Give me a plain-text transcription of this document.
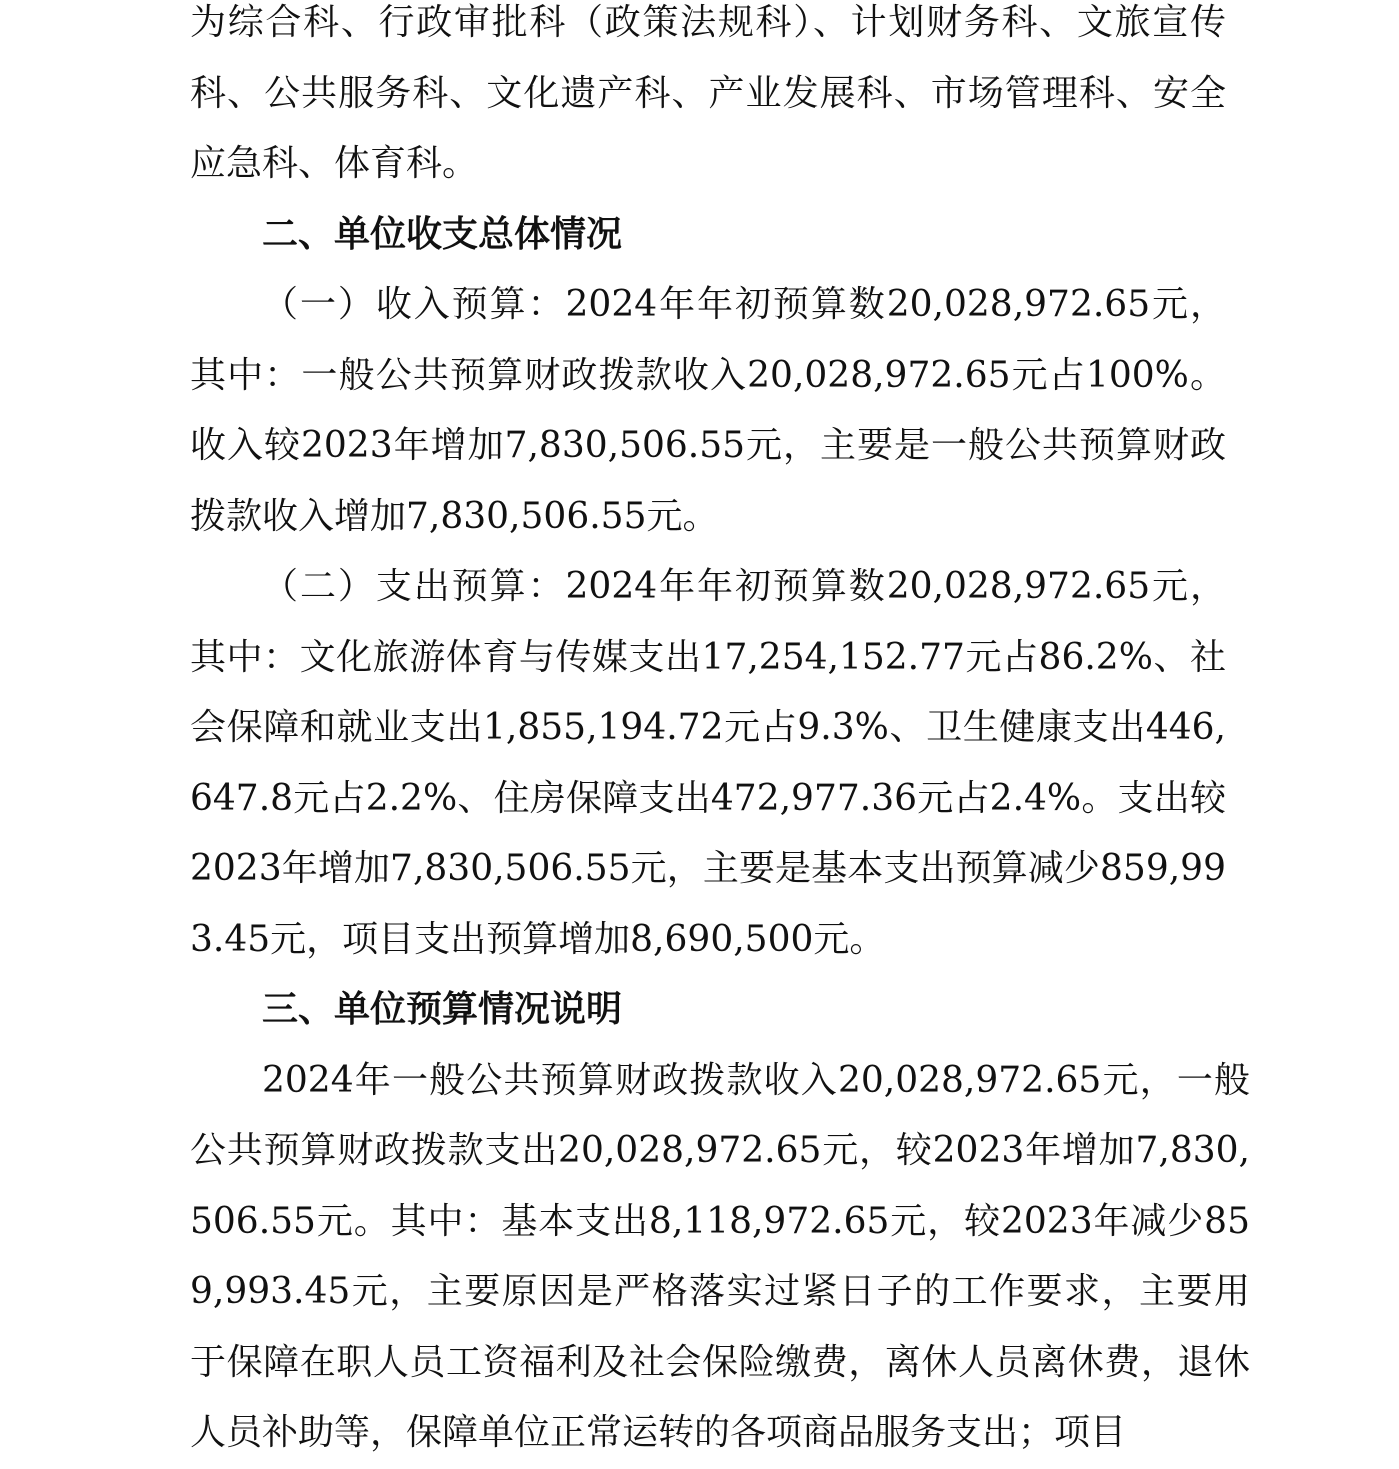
为综合科、行政审批科（政策法规科）、计划财务科、文旅宣传科、公共服务科、文化遗产科、产业发展科、市场管理科、安全应急科、体育科。

二、单位收支总体情况

（一）收入预算：2024年年初预算数20,028,972.65元，其中：一般公共预算财政拨款收入20,028,972.65元占100%。收入较2023年增加7,830,506.55元，主要是一般公共预算财政拨款收入增加7,830,506.55元。

（二）支出预算：2024年年初预算数20,028,972.65元，其中：文化旅游体育与传媒支出17,254,152.77元占86.2%、社会保障和就业支出1,855,194.72元占9.3%、卫生健康支出446,647.8元占2.2%、住房保障支出472,977.36元占2.4%。支出较2023年增加7,830,506.55元，主要是基本支出预算减少859,993.45元，项目支出预算增加8,690,500元。

三、单位预算情况说明

2024年一般公共预算财政拨款收入20,028,972.65元，一般公共预算财政拨款支出20,028,972.65元，较2023年增加7,830,506.55元。其中：基本支出8,118,972.65元，较2023年减少859,993.45元，主要原因是严格落实过紧日子的工作要求，主要用于保障在职人员工资福利及社会保险缴费，离休人员离休费，退休人员补助等，保障单位正常运转的各项商品服务支出；项目
